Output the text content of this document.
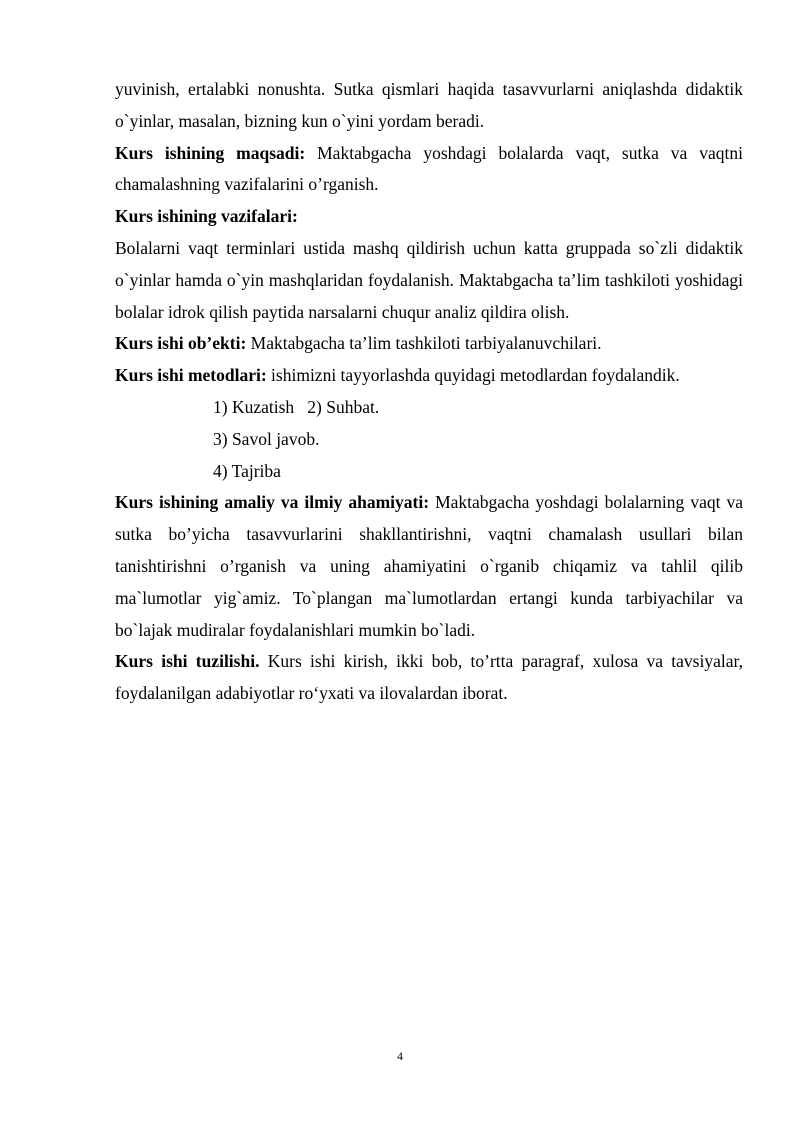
yuvinish, ertalabki nonushta. Sutka qismlari haqida tasavvurlarni aniqlashda didaktik o`yinlar, masalan, bizning kun o`yini yordam beradi.

Kurs ishining maqsadi: Maktabgacha yoshdagi bolalarda vaqt, sutka va vaqtni chamalashning vazifalarini o’rganish.

Kurs ishining vazifalari:

Bolalarni vaqt terminlari ustida mashq qildirish uchun katta gruppada so`zli didaktik o`yinlar hamda o`yin mashqlaridan foydalanish. Maktabgacha ta’lim tashkiloti yoshidagi bolalar idrok qilish paytida narsalarni chuqur analiz qildira olish.

Kurs ishi ob’ekti: Maktabgacha ta’lim tashkiloti tarbiyalanuvchilari.

Kurs ishi metodlari: ishimizni tayyorlashda quyidagi metodlardan foydalandik.

1) Kuzatish   2) Suhbat.

3) Savol javob.

4) Tajriba

Kurs ishining amaliy va ilmiy ahamiyati: Maktabgacha yoshdagi bolalarning vaqt va sutka bo’yicha tasavvurlarini shakllantirishni, vaqtni chamalash usullari bilan tanishtirishni o’rganish va uning ahamiyatini o`rganib chiqamiz va tahlil qilib ma`lumotlar yig`amiz. To`plangan ma`lumotlardan ertangi kunda tarbiyachilar va bo`lajak mudiralar foydalanishlari mumkin bo`ladi.

Kurs ishi tuzilishi. Kurs ishi kirish, ikki bob, to’rtta paragraf, xulosa va tavsiyalar, foydalanilgan adabiyotlar ro‘yxati va ilovalardan iborat.

4
